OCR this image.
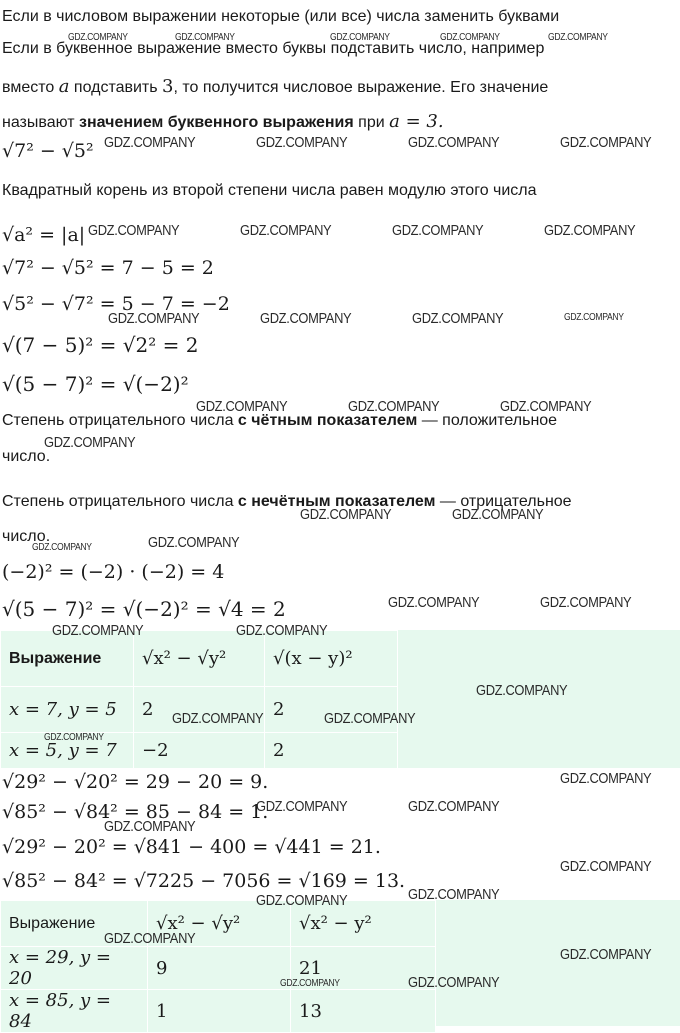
Если в числовом выражении некоторые (или все) числа заменить буквами
Если в буквенное выражение вместо буквы подставить число, например
вместо a подставить 3, то получится числовое выражение. Его значение
называют значением буквенного выражения при a = 3.
√7² − √5²
Квадратный корень из второй степени числа равен модулю этого числа
√a² = |a|
√7² − √5² = 7 − 5 = 2
√5² − √7² = 5 − 7 = −2
√(7 − 5)² = √2² = 2
√(5 − 7)² = √(−2)²
Степень отрицательного числа с чётным показателем — положительное
число.
Степень отрицательного числа с нечётным показателем — отрицательное
число.
(−2)² = (−2) · (−2) = 4
√(5 − 7)² = √(−2)² = √4 = 2
Выражение	√x² − √y²	√(x − y)²
x = 7, y = 5	2	2
x = 5, y = 7	−2	2
√29² − √20² = 29 − 20 = 9.
√85² − √84² = 85 − 84 = 1.
√29² − 20² = √841 − 400 = √441 = 21.
√85² − 84² = √7225 − 7056 = √169 = 13.
Выражение	√x² − √y²	√x² − y²
x = 29, y = 20	9	21
x = 85, y = 84	1	13
GDZ.COMPANY	GDZ.COMPANY	GDZ.COMPANY	GDZ.COMPANY	GDZ.COMPANY
GDZ.COMPANY	GDZ.COMPANY	GDZ.COMPANY	GDZ.COMPANY
GDZ.COMPANY	GDZ.COMPANY	GDZ.COMPANY	GDZ.COMPANY
GDZ.COMPANY	GDZ.COMPANY	GDZ.COMPANY	GDZ.COMPANY
GDZ.COMPANY	GDZ.COMPANY	GDZ.COMPANY
GDZ.COMPANY
GDZ.COMPANY	GDZ.COMPANY
GDZ.COMPANY	GDZ.COMPANY
GDZ.COMPANY	GDZ.COMPANY
GDZ.COMPANY	GDZ.COMPANY
GDZ.COMPANY
GDZ.COMPANY	GDZ.COMPANY
GDZ.COMPANY
GDZ.COMPANY
GDZ.COMPANY	GDZ.COMPANY
GDZ.COMPANY
GDZ.COMPANY
GDZ.COMPANY
GDZ.COMPANY
GDZ.COMPANY
GDZ.COMPANY
GDZ.COMPANY	GDZ.COMPANY
